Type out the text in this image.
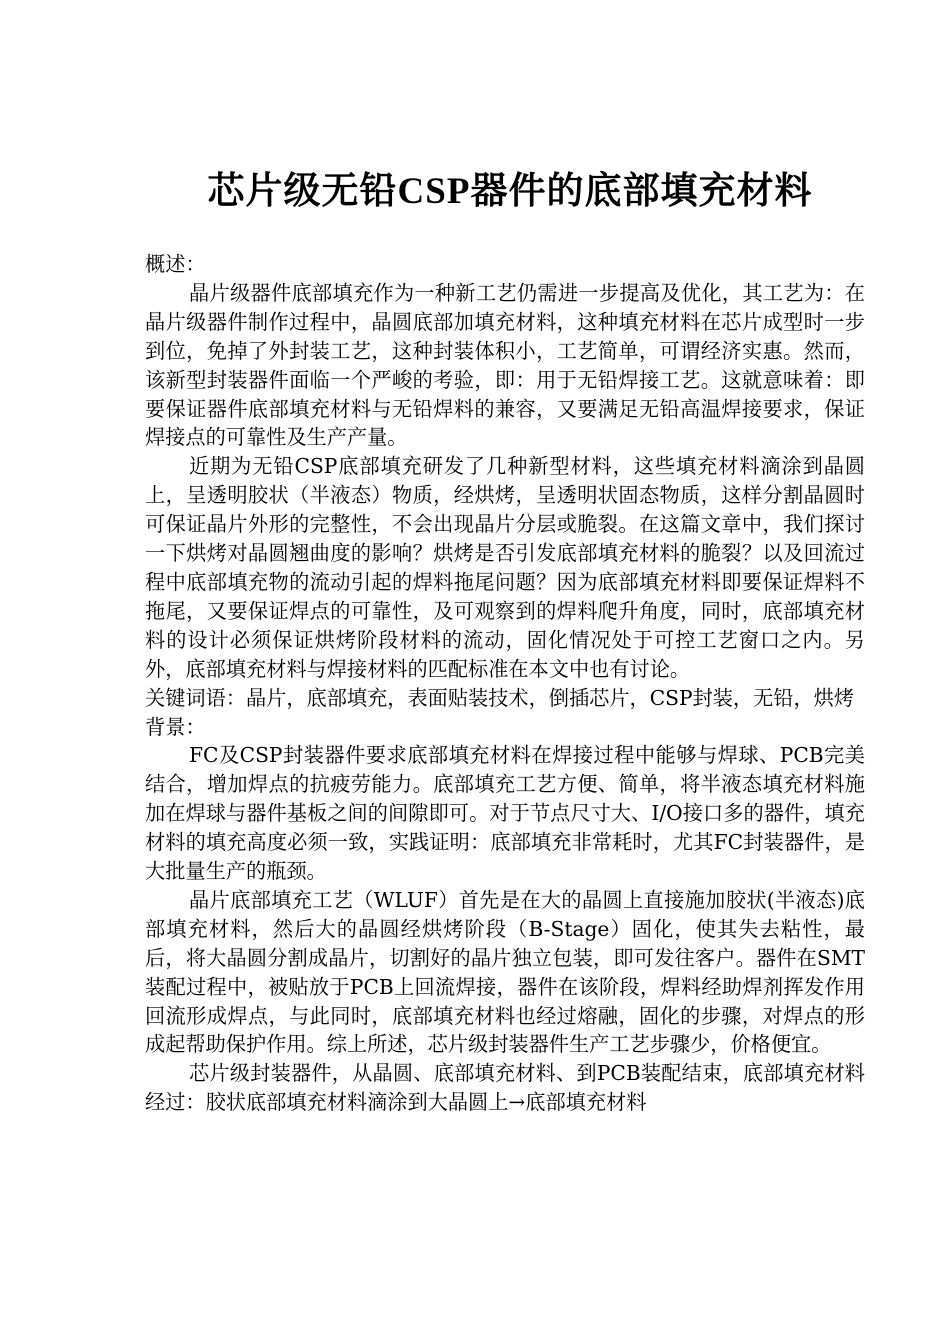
芯片级无铅CSP器件的底部填充材料

概述：

晶片级器件底部填充作为一种新工艺仍需进一步提高及优化，其工艺为：在晶片级器件制作过程中，晶圆底部加填充材料，这种填充材料在芯片成型时一步到位，免掉了外封装工艺，这种封装体积小，工艺简单，可谓经济实惠。然而，该新型封装器件面临一个严峻的考验，即：用于无铅焊接工艺。这就意味着：即要保证器件底部填充材料与无铅焊料的兼容，又要满足无铅高温焊接要求，保证焊接点的可靠性及生产产量。

近期为无铅CSP底部填充研发了几种新型材料，这些填充材料滴涂到晶圆上，呈透明胶状（半液态）物质，经烘烤，呈透明状固态物质，这样分割晶圆时可保证晶片外形的完整性，不会出现晶片分层或脆裂。在这篇文章中，我们探讨一下烘烤对晶圆翘曲度的影响？烘烤是否引发底部填充材料的脆裂？以及回流过程中底部填充物的流动引起的焊料拖尾问题？因为底部填充材料即要保证焊料不拖尾，又要保证焊点的可靠性，及可观察到的焊料爬升角度，同时，底部填充材料的设计必须保证烘烤阶段材料的流动，固化情况处于可控工艺窗口之内。另外，底部填充材料与焊接材料的匹配标准在本文中也有讨论。

关键词语：晶片，底部填充，表面贴装技术，倒插芯片，CSP封装，无铅，烘烤

背景：

FC及CSP封装器件要求底部填充材料在焊接过程中能够与焊球、PCB完美结合，增加焊点的抗疲劳能力。底部填充工艺方便、简单，将半液态填充材料施加在焊球与器件基板之间的间隙即可。对于节点尺寸大、I/O接口多的器件，填充材料的填充高度必须一致，实践证明：底部填充非常耗时，尤其FC封装器件，是大批量生产的瓶颈。

晶片底部填充工艺（WLUF）首先是在大的晶圆上直接施加胶状(半液态)底部填充材料，然后大的晶圆经烘烤阶段（B-Stage）固化，使其失去粘性，最后，将大晶圆分割成晶片，切割好的晶片独立包装，即可发往客户。器件在SMT装配过程中，被贴放于PCB上回流焊接，器件在该阶段，焊料经助焊剂挥发作用回流形成焊点，与此同时，底部填充材料也经过熔融，固化的步骤，对焊点的形成起帮助保护作用。综上所述，芯片级封装器件生产工艺步骤少，价格便宜。

芯片级封装器件，从晶圆、底部填充材料、到PCB装配结束，底部填充材料经过：胶状底部填充材料滴涂到大晶圆上→底部填充材料
